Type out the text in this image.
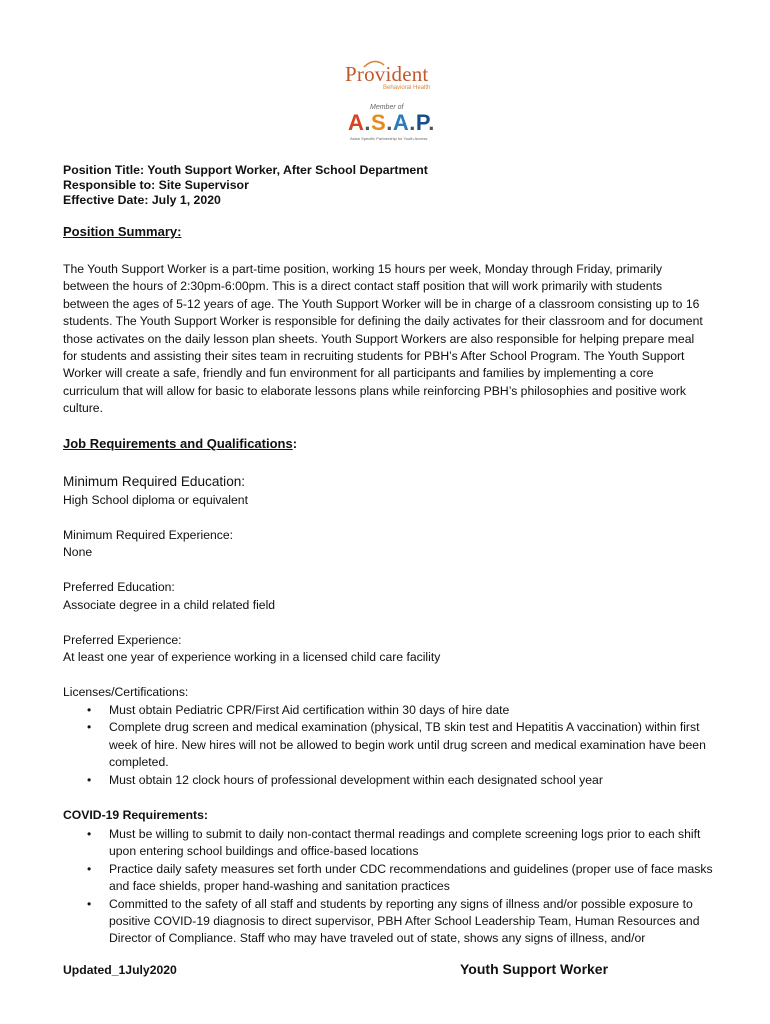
Provident
Behavioral Health
Member of
A.S.A.P.
Asian Specific Partnership for Youth Access
Position Title: Youth Support Worker, After School Department
Responsible to: Site Supervisor
Effective Date: July 1, 2020
Position Summary:

The Youth Support Worker is a part-time position, working 15 hours per week, Monday through Friday, primarily between the hours of 2:30pm-6:00pm. This is a direct contact staff position that will work primarily with students between the ages of 5-12 years of age. The Youth Support Worker will be in charge of a classroom consisting up to 16 students. The Youth Support Worker is responsible for defining the daily activates for their classroom and for document those activates on the daily lesson plan sheets. Youth Support Workers are also responsible for helping prepare meal for students and assisting their sites team in recruiting students for PBH’s After School Program. The Youth Support Worker will create a safe, friendly and fun environment for all participants and families by implementing a core curriculum that will allow for basic to elaborate lessons plans while reinforcing PBH’s philosophies and positive work culture.

Job Requirements and Qualifications:
Minimum Required Education:
High School diploma or equivalent
Minimum Required Experience:
None
Preferred Education:
Associate degree in a child related field
Preferred Experience:
At least one year of experience working in a licensed child care facility
Licenses/Certifications:
• Must obtain Pediatric CPR/First Aid certification within 30 days of hire date
• Complete drug screen and medical examination (physical, TB skin test and Hepatitis A vaccination) within first week of hire. New hires will not be allowed to begin work until drug screen and medical examination have been completed.
• Must obtain 12 clock hours of professional development within each designated school year
COVID-19 Requirements:
• Must be willing to submit to daily non-contact thermal readings and complete screening logs prior to each shift upon entering school buildings and office-based locations
• Practice daily safety measures set forth under CDC recommendations and guidelines (proper use of face masks and face shields, proper hand-washing and sanitation practices
• Committed to the safety of all staff and students by reporting any signs of illness and/or possible exposure to positive COVID-19 diagnosis to direct supervisor, PBH After School Leadership Team, Human Resources and Director of Compliance. Staff who may have traveled out of state, shows any signs of illness, and/or
Updated_1July2020	Youth Support Worker
